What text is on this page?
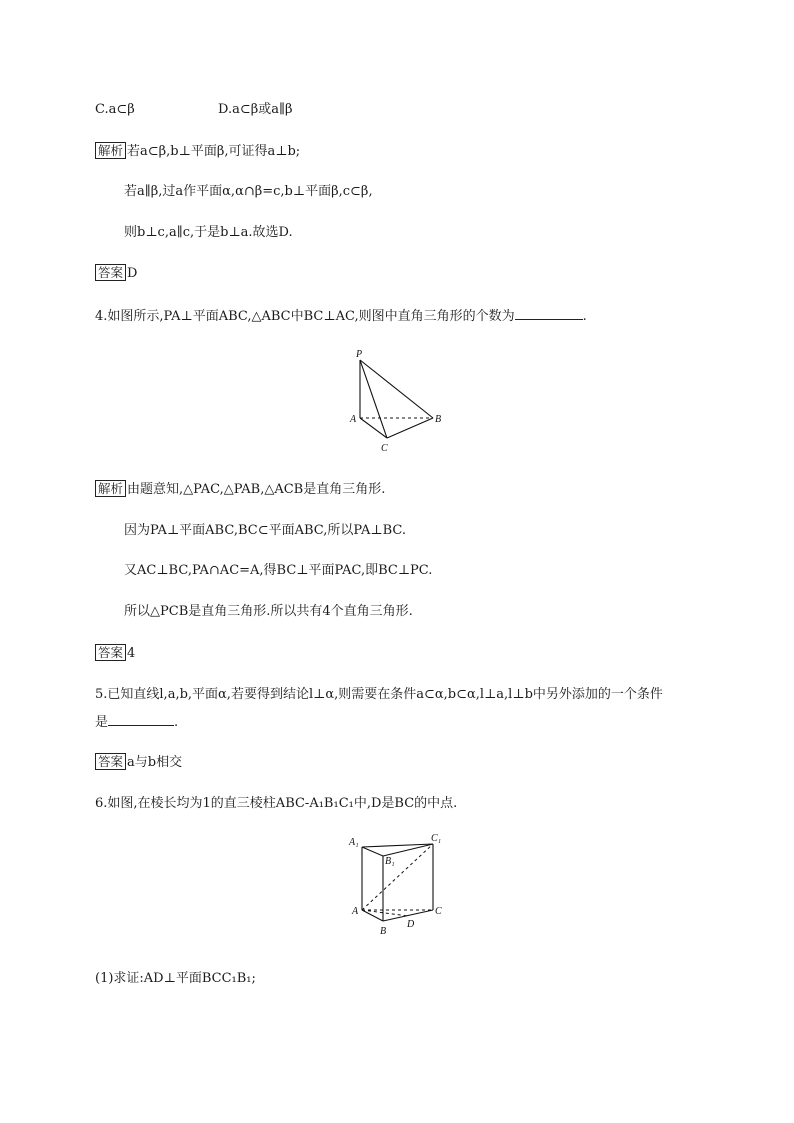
C.a⊂β	D.a⊂β或a∥β
解析 若a⊂β,b⊥平面β,可证得a⊥b;
若a∥β,过a作平面α,α∩β=c,b⊥平面β,c⊂β,
则b⊥c,a∥c,于是b⊥a.故选D.
答案 D
4.如图所示,PA⊥平面ABC,△ABC中BC⊥AC,则图中直角三角形的个数为	.
P
A	B
C
解析 由题意知,△PAC,△PAB,△ACB是直角三角形.
因为PA⊥平面ABC,BC⊂平面ABC,所以PA⊥BC.
又AC⊥BC,PA∩AC=A,得BC⊥平面PAC,即BC⊥PC.
所以△PCB是直角三角形.所以共有4个直角三角形.
答案 4
5.已知直线l,a,b,平面α,若要得到结论l⊥α,则需要在条件a⊂α,b⊂α,l⊥a,l⊥b中另外添加的一个条件
是	.
答案 a与b相交
6.如图,在棱长均为1的直三棱柱ABC-A₁B₁C₁中,D是BC的中点.
A₁
B₁
C₁
A	C
B
D
(1)求证:AD⊥平面BCC₁B₁;
